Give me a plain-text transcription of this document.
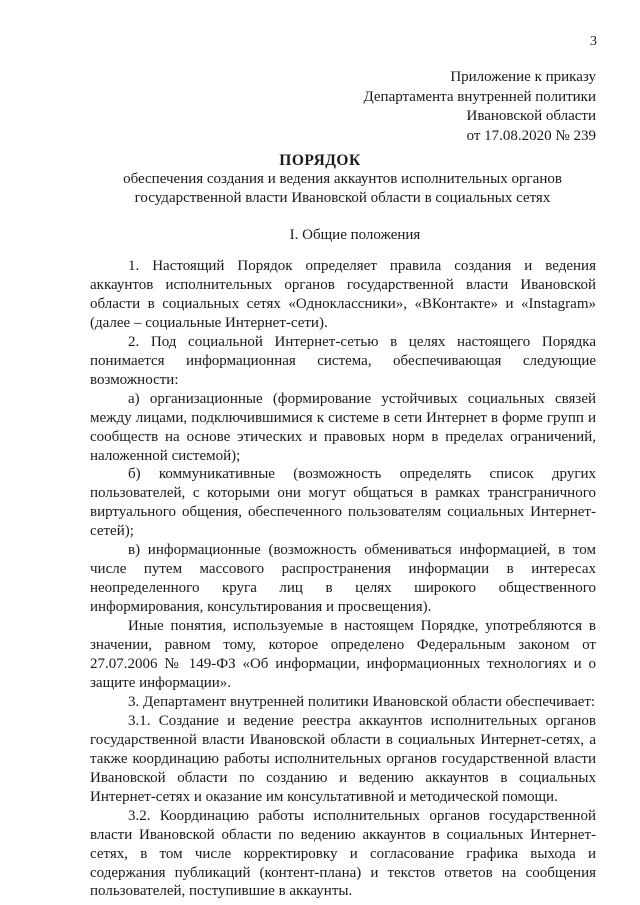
3
Приложение к приказу
Департамента внутренней политики
Ивановской области
от 17.08.2020 № 239
ПОРЯДОК
обеспечения создания и ведения аккаунтов исполнительных органов государственной власти Ивановской области в социальных сетях
I. Общие положения

1. Настоящий Порядок определяет правила создания и ведения аккаунтов исполнительных органов государственной власти Ивановской области в социальных сетях «Одноклассники», «ВКонтакте» и «Instagram» (далее – социальные Интернет-сети).

2. Под социальной Интернет-сетью в целях настоящего Порядка понимается информационная система, обеспечивающая следующие возможности:

а) организационные (формирование устойчивых социальных связей между лицами, подключившимися к системе в сети Интернет в форме групп и сообществ на основе этических и правовых норм в пределах ограничений, наложенной системой);

б) коммуникативные (возможность определять список других пользователей, с которыми они могут общаться в рамках трансграничного виртуального общения, обеспеченного пользователям социальных Интернет-сетей);

в) информационные (возможность обмениваться информацией, в том числе путем массового распространения информации в интересах неопределенного круга лиц в целях широкого общественного информирования, консультирования и просвещения).

Иные понятия, используемые в настоящем Порядке, употребляются в значении, равном тому, которое определено Федеральным законом от 27.07.2006 № 149-ФЗ «Об информации, информационных технологиях и о защите информации».

3. Департамент внутренней политики Ивановской области обеспечивает:

3.1. Создание и ведение реестра аккаунтов исполнительных органов государственной власти Ивановской области в социальных Интернет-сетях, а также координацию работы исполнительных органов государственной власти Ивановской области по созданию и ведению аккаунтов в социальных Интернет-сетях и оказание им консультативной и методической помощи.

3.2. Координацию работы исполнительных органов государственной власти Ивановской области по ведению аккаунтов в социальных Интернет-сетях, в том числе корректировку и согласование графика выхода и содержания публикаций (контент-плана) и текстов ответов на сообщения пользователей, поступившие в аккаунты.
